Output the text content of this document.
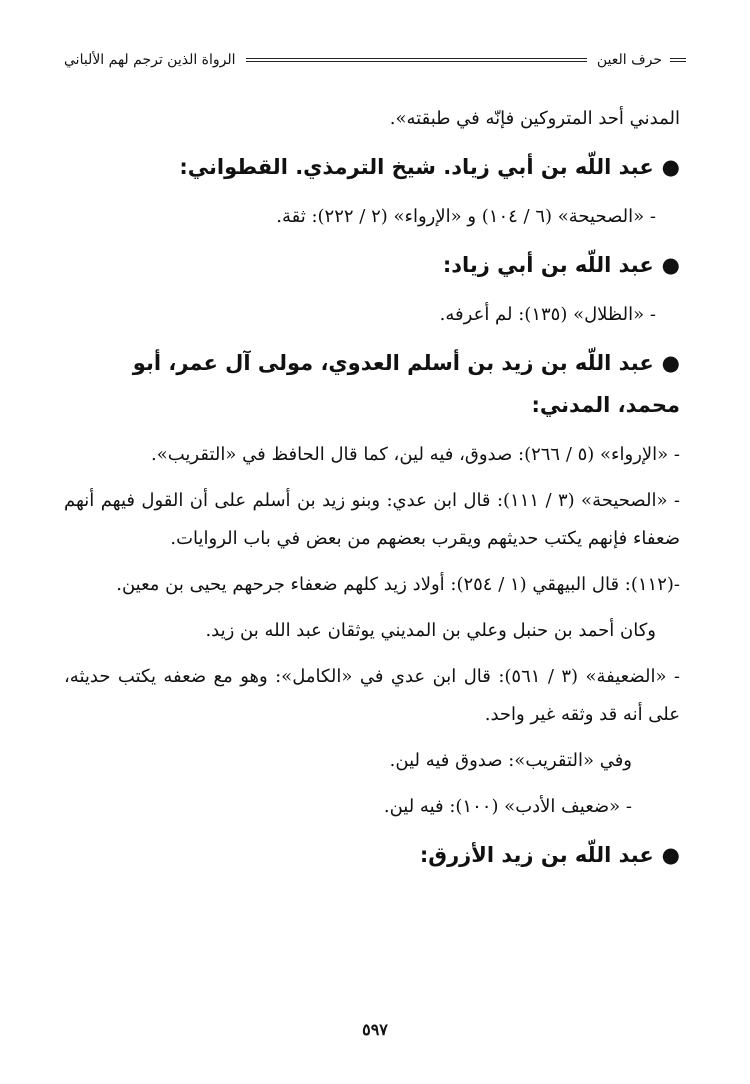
حرف العين
الرواة الذين ترجم لهم الألباني

المدني أحد المتروكين فإنّه في طبقته».

●عبد اللّه بن أبي زياد. شيخ الترمذي. القطواني:

- «الصحيحة» (٦ / ١٠٤) و «الإرواء» (٢ / ٢٢٢): ثقة.

●عبد اللّه بن أبي زياد:

- «الظلال» (١٣٥): لم أعرفه.

●عبد اللّه بن زيد بن أسلم العدوي، مولى آل عمر، أبو محمد، المدني:

- «الإرواء» (٥ / ٢٦٦): صدوق، فيه لين، كما قال الحافظ في «التقريب».

- «الصحيحة» (٣ / ١١١): قال ابن عدي: وبنو زيد بن أسلم على أن القول فيهم أنهم ضعفاء فإنهم يكتب حديثهم ويقرب بعضهم من بعض في باب الروايات.

-(١١٢): قال البيهقي (١ / ٢٥٤): أولاد زيد كلهم ضعفاء جرحهم يحيى بن معين.

وكان أحمد بن حنبل وعلي بن المديني يوثقان عبد الله بن زيد.

- «الضعيفة» (٣ / ٥٦١): قال ابن عدي في «الكامل»: وهو مع ضعفه يكتب حديثه، على أنه قد وثقه غير واحد.

وفي «التقريب»: صدوق فيه لين.

- «ضعيف الأدب» (١٠٠): فيه لين.

●عبد اللّه بن زيد الأزرق:
٥٩٧
